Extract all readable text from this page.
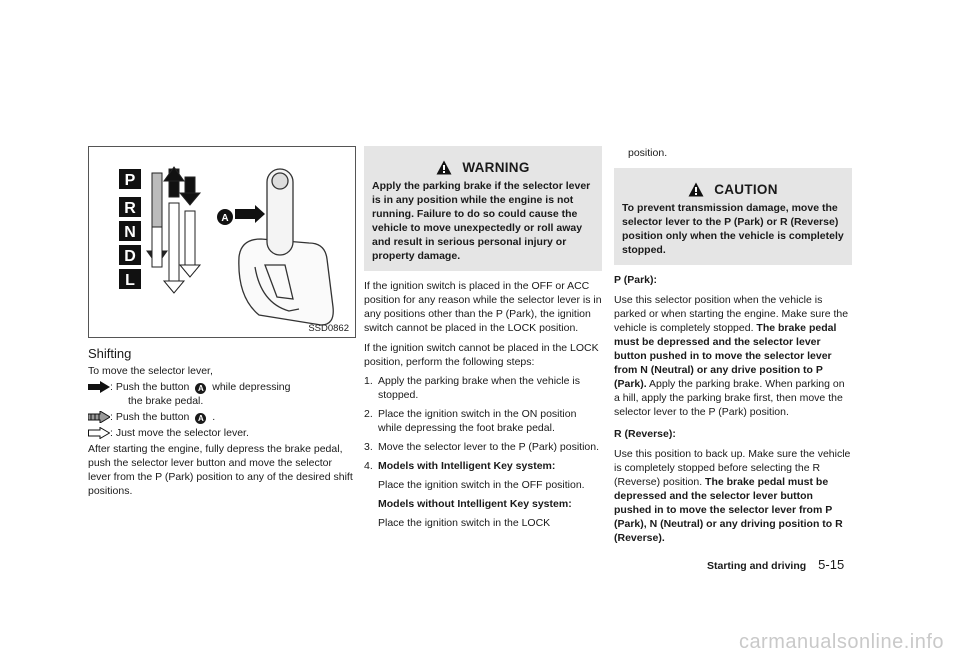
P
R
N
D
L
A
SSD0862
Shifting

To move the selector lever,

: Push the button A while depressing
the brake pedal.
: Push the button A .
: Just move the selector lever.

After starting the engine, fully depress the brake pedal, push the selector lever button and move the selector lever from the P (Park) position to any of the desired shift positions.

WARNING
Apply the parking brake if the selector lever is in any position while the engine is not running. Failure to do so could cause the vehicle to move unexpectedly or roll away and result in serious personal injury or property damage.

If the ignition switch is placed in the OFF or ACC position for any reason while the selector lever is in any positions other than the P (Park), the ignition switch cannot be placed in the LOCK position.

If the ignition switch cannot be placed in the LOCK position, perform the following steps:

1. Apply the parking brake when the vehicle is stopped.
2. Place the ignition switch in the ON position while depressing the foot brake pedal.
3. Move the selector lever to the P (Park) position.
4. Models with Intelligent Key system:

Place the ignition switch in the OFF position.

Models without Intelligent Key system:

Place the ignition switch in the LOCK

position.

CAUTION
To prevent transmission damage, move the selector lever to the P (Park) or R (Reverse) position only when the vehicle is completely stopped.

P (Park):

Use this selector position when the vehicle is parked or when starting the engine. Make sure the vehicle is completely stopped. The brake pedal must be depressed and the selector lever button pushed in to move the selector lever from N (Neutral) or any drive position to P (Park). Apply the parking brake. When parking on a hill, apply the parking brake first, then move the selector lever to the P (Park) position.

R (Reverse):

Use this position to back up. Make sure the vehicle is completely stopped before selecting the R (Reverse) position. The brake pedal must be depressed and the selector lever button pushed in to move the selector lever from P (Park), N (Neutral) or any driving position to R (Reverse).

Starting and driving 5-15
carmanualsonline.info
